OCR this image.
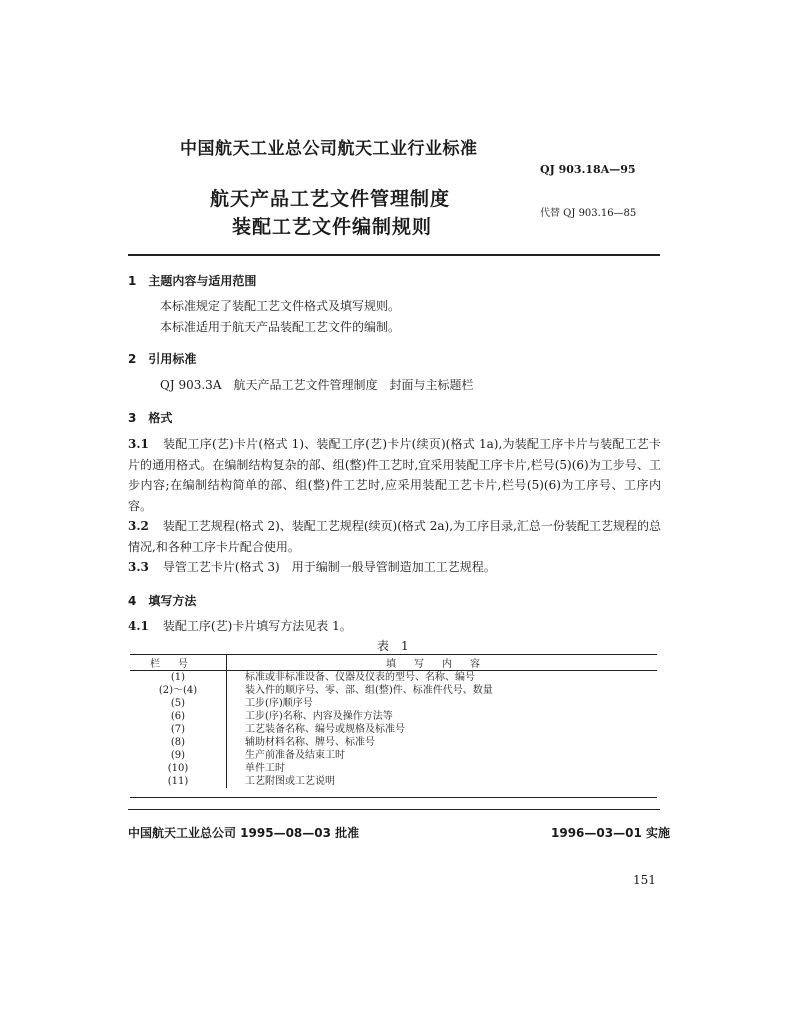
中国航天工业总公司航天工业行业标准
QJ 903.18A—95
航天产品工艺文件管理制度
装配工艺文件编制规则
代替 QJ 903.16—85
1　主题内容与适用范围
本标准规定了装配工艺文件格式及填写规则。
本标准适用于航天产品装配工艺文件的编制。
2　引用标准
QJ 903.3A　航天产品工艺文件管理制度　封面与主标题栏
3　格式
3.1 装配工序(艺)卡片(格式 1)、装配工序(艺)卡片(续页)(格式 1a),为装配工序卡片与装配工艺卡片的通用格式。在编制结构复杂的部、组(整)件工艺时,宜采用装配工序卡片,栏号(5)(6)为工步号、工步内容;在编制结构简单的部、组(整)件工艺时,应采用装配工艺卡片,栏号(5)(6)为工序号、工序内容。
3.2 装配工艺规程(格式 2)、装配工艺规程(续页)(格式 2a),为工序目录,汇总一份装配工艺规程的总情况,和各种工序卡片配合使用。
3.3 导管工艺卡片(格式 3)　用于编制一般导管制造加工工艺规程。
4　填写方法
4.1 装配工序(艺)卡片填写方法见表 1。
表　1
栏号	填写内容
(1)	标准或非标准设备、仪器及仪表的型号、名称、编号
(2)～(4)	装入件的顺序号、零、部、组(整)件、标准件代号、数量
(5)	工步(序)顺序号
(6)	工步(序)名称、内容及操作方法等
(7)	工艺装备名称、编号或规格及标准号
(8)	辅助材料名称、牌号、标准号
(9)	生产前准备及结束工时
(10)	单件工时
(11)	工艺附图或工艺说明
中国航天工业总公司 1995—08—03 批准	1996—03—01 实施
151
